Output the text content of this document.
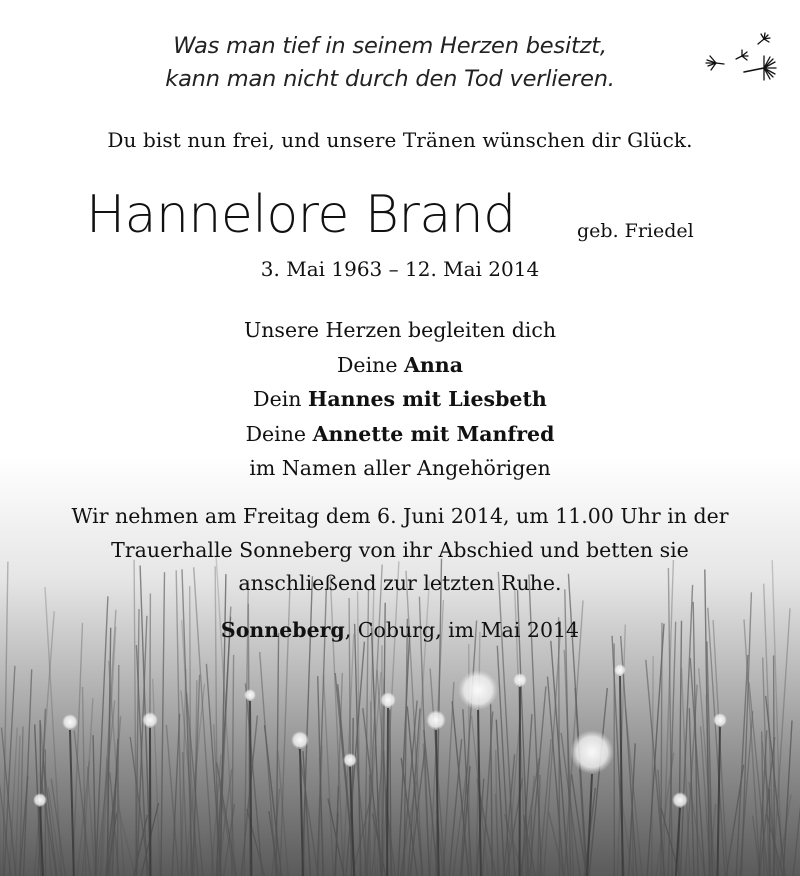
Was man tief in seinem Herzen besitzt,
kann man nicht durch den Tod verlieren.
Du bist nun frei, und unsere Tränen wünschen dir Glück.
Hannelore Brand	geb. Friedel
3. Mai 1963 – 12. Mai 2014
Unsere Herzen begleiten dich
Deine Anna
Dein Hannes mit Liesbeth
Deine Annette mit Manfred
im Namen aller Angehörigen
Wir nehmen am Freitag dem 6. Juni 2014, um 11.00 Uhr in der
Trauerhalle Sonneberg von ihr Abschied und betten sie
anschließend zur letzten Ruhe.
Sonneberg, Coburg, im Mai 2014
